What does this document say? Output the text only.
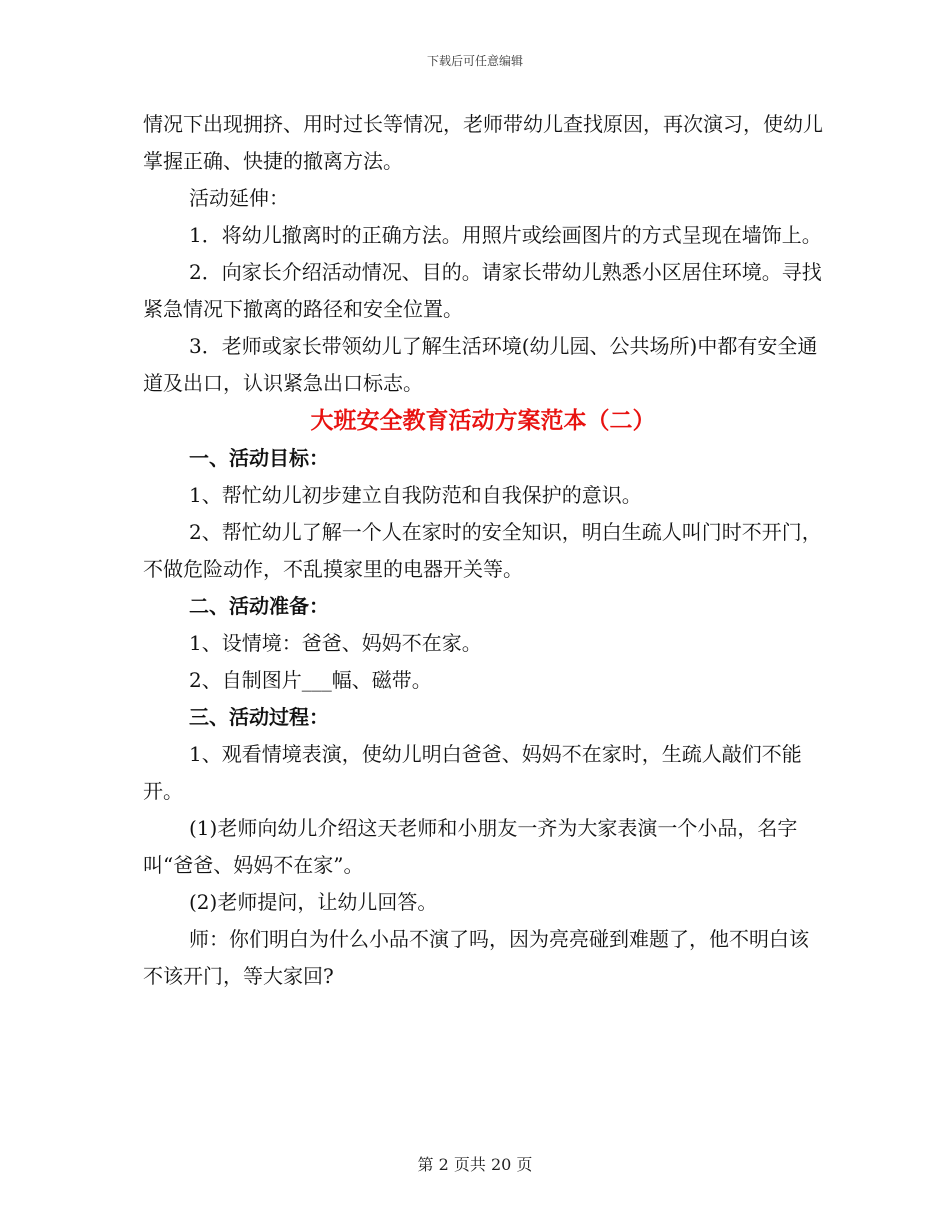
下载后可任意编辑

情况下出现拥挤、用时过长等情况，老师带幼儿查找原因，再次演习，使幼儿掌握正确、快捷的撤离方法。

活动延伸：

1．将幼儿撤离时的正确方法。用照片或绘画图片的方式呈现在墙饰上。

2．向家长介绍活动情况、目的。请家长带幼儿熟悉小区居住环境。寻找紧急情况下撤离的路径和安全位置。

3．老师或家长带领幼儿了解生活环境(幼儿园、公共场所)中都有安全通道及出口，认识紧急出口标志。

大班安全教育活动方案范本（二）

一、活动目标：

1、帮忙幼儿初步建立自我防范和自我保护的意识。

2、帮忙幼儿了解一个人在家时的安全知识，明白生疏人叫门时不开门，不做危险动作，不乱摸家里的电器开关等。

二、活动准备：

1、设情境：爸爸、妈妈不在家。

2、自制图片___幅、磁带。

三、活动过程：

1、观看情境表演，使幼儿明白爸爸、妈妈不在家时，生疏人敲们不能开。

(1)老师向幼儿介绍这天老师和小朋友一齐为大家表演一个小品，名字叫“爸爸、妈妈不在家”。

(2)老师提问，让幼儿回答。

师：你们明白为什么小品不演了吗，因为亮亮碰到难题了，他不明白该不该开门，等大家回?

第 2 页共 20 页
